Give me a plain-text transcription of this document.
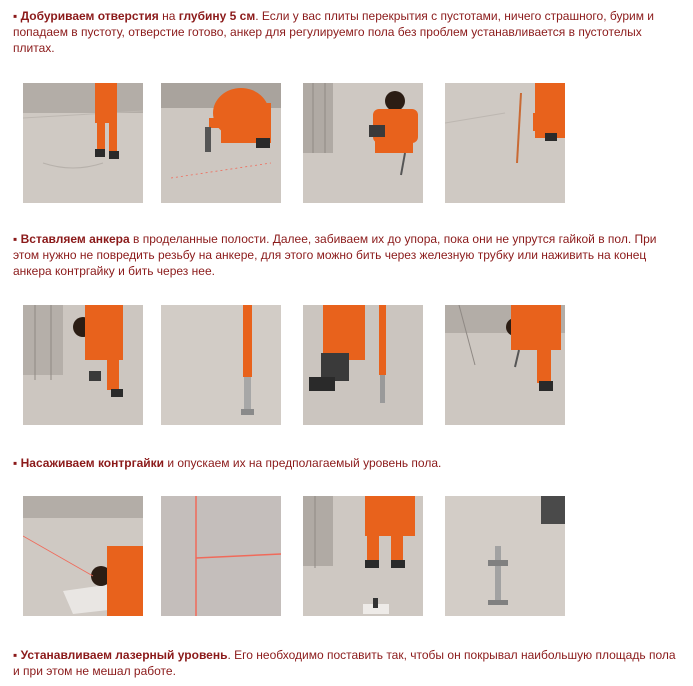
▪ Добуриваем отверстия на глубину 5 см. Если у вас плиты перекрытия с пустотами, ничего страшного, бурим и попадаем в пустоту, отверстие готово, анкер для регулируемго пола без проблем устанавливается в пустотелых плитах.

▪ Вставляем анкера в проделанные полости. Далее, забиваем их до упора, пока они не упрутся гайкой в пол. При этом нужно не повредить резьбу на анкере, для этого можно бить через железную трубку или наживить на конец анкера контргайку и бить через нее.

▪ Насаживаем контргайки и опускаем их на предполагаемый уровень пола.

▪ Устанавливаем лазерный уровень. Его необходимо поставить так, чтобы он покрывал наибольшую площадь пола и при этом не мешал работе.
